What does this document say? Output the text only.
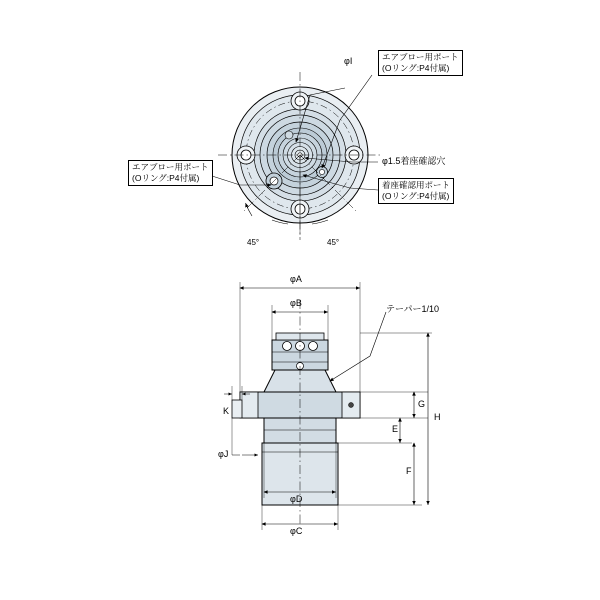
φI	エアブロー用ポート
(Oリング:P4付属)
エアブロー用ポート
(Oリング:P4付属)
φ1.5着座確認穴
着座確認用ポート
(Oリング:P4付属)
45°	45°
φA
φB
テーパー1/10
φD
φC
K
φJ
E
F
G
H
